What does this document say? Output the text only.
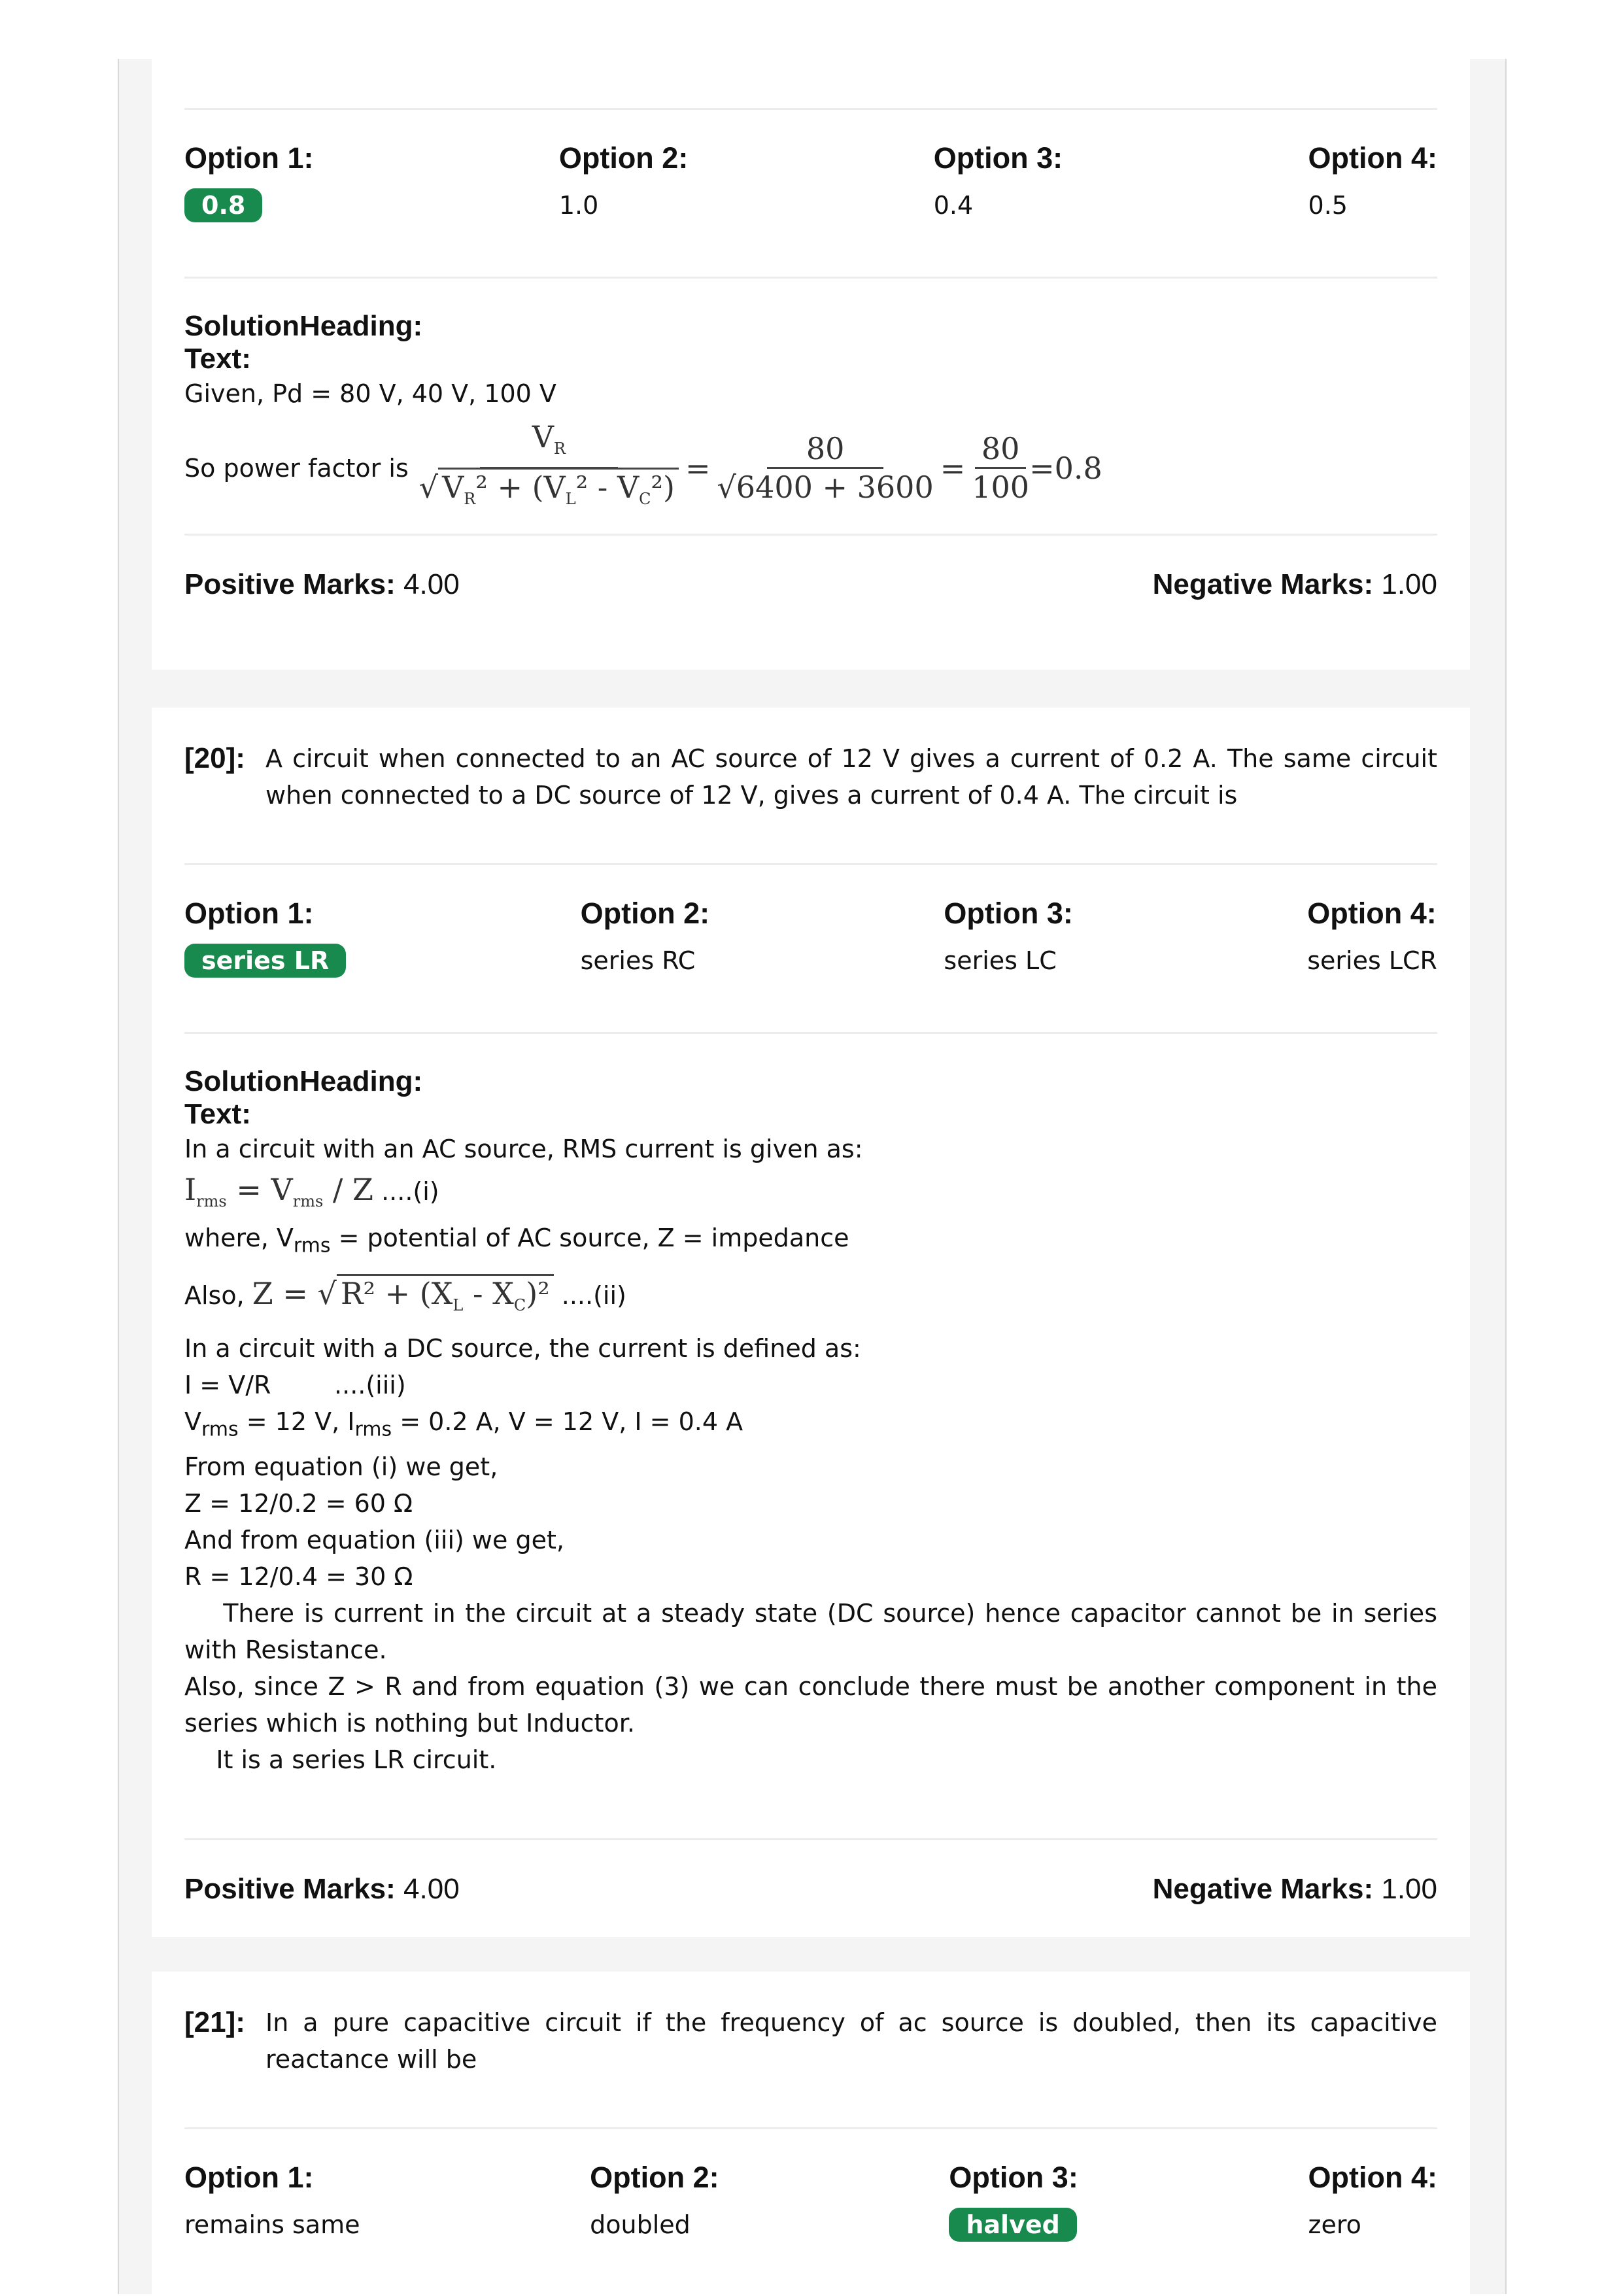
Option 1:
0.8
Option 2:
1.0
Option 3:
0.4
Option 4:
0.5
SolutionHeading:
Text:
Given, Pd = 80 V, 40 V, 100 V
So power factor is $\frac{V_R}{√ V_R^2 + (V_L^2 - V_C^2)} = \frac{80}{√6400 + 3600} = \frac{80}{100} =0.8$
Positive Marks: 4.00	Negative Marks: 1.00
[20]: A circuit when connected to an AC source of 12 V gives a current of 0.2 A. The same circuit when connected to a DC source of 12 V, gives a current of 0.4 A. The circuit is
Option 1:
series LR
Option 2:
series RC
Option 3:
series LC
Option 4:
series LCR
SolutionHeading:
Text:
In a circuit with an AC source, RMS current is given as:
$I_{rms} = V_{rms} / Z$ ....(i)
where, $V_{rms}$ = potential of AC source, Z = impedance
Also, Z = √ $R^2 + (X_L - X_C)^2$ ....(ii)
In a circuit with a DC source, the current is defined as:
I = V/R        ....(iii)
$V_{rms} = 12$ V, $I_{rms} = 0.2$ A, V = 12 V, I = 0.4 A
From equation (i) we get,
Z = 12/0.2 = 60 Ω
And from equation (iii) we get,
R = 12/0.4 = 30 Ω
There is current in the circuit at a steady state (DC source) hence capacitor cannot be in series with Resistance.
Also, since Z > R and from equation (3) we can conclude there must be another component in the series which is nothing but Inductor.
It is a series LR circuit.
Positive Marks: 4.00	Negative Marks: 1.00
[21]: In a pure capacitive circuit if the frequency of ac source is doubled, then its capacitive reactance will be
Option 1:
remains same
Option 2:
doubled
Option 3:
halved
Option 4:
zero
